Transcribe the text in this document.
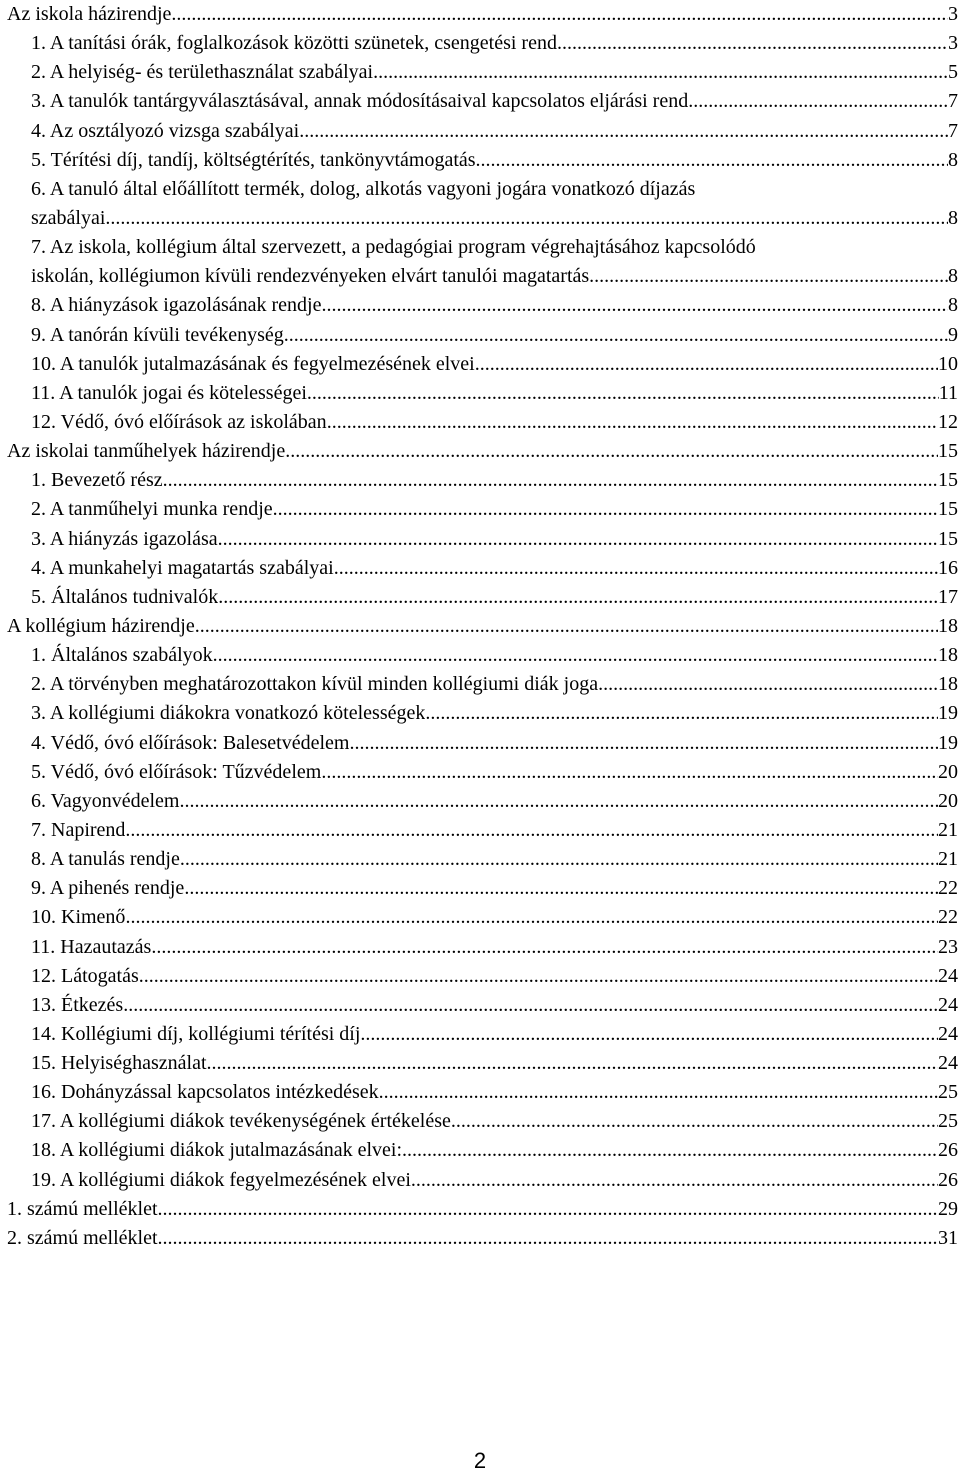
Az iskola házirendje .....	3
1. A tanítási órák, foglalkozások közötti szünetek, csengetési rend .....	3
2. A helyiség- és területhasználat szabályai .....	5
3. A tanulók tantárgyválasztásával, annak módosításaival kapcsolatos eljárási rend .....	7
4. Az osztályozó vizsga szabályai .....	7
5. Térítési díj, tandíj, költségtérítés, tankönyvtámogatás .....	8
6. A tanuló által előállított termék, dolog, alkotás vagyoni jogára vonatkozó díjazás
szabályai .....	8
7. Az iskola, kollégium által szervezett, a pedagógiai program végrehajtásához kapcsolódó
iskolán, kollégiumon kívüli rendezvényeken elvárt tanulói magatartás .....	8
8. A hiányzások igazolásának rendje .....	8
9. A tanórán kívüli tevékenység .....	9
10. A tanulók jutalmazásának és fegyelmezésének elvei .....	10
11. A tanulók jogai és kötelességei .....	11
12. Védő, óvó előírások az iskolában .....	12
Az iskolai tanműhelyek házirendje .....	15
1. Bevezető rész .....	15
2. A tanműhelyi munka rendje .....	15
3. A hiányzás igazolása .....	15
4. A munkahelyi magatartás szabályai .....	16
5. Általános tudnivalók .....	17
A kollégium házirendje .....	18
1. Általános szabályok .....	18
2. A törvényben meghatározottakon kívül minden kollégiumi diák joga .....	18
3. A kollégiumi diákokra vonatkozó kötelességek .....	19
4. Védő, óvó előírások: Balesetvédelem .....	19
5. Védő, óvó előírások: Tűzvédelem .....	20
6. Vagyonvédelem .....	20
7. Napirend .....	21
8. A tanulás rendje .....	21
9. A pihenés rendje .....	22
10. Kimenő .....	22
11. Hazautazás .....	23
12. Látogatás .....	24
13. Étkezés .....	24
14. Kollégiumi díj, kollégiumi térítési díj .....	24
15. Helyiséghasználat .....	24
16. Dohányzással kapcsolatos intézkedések .....	25
17. A kollégiumi diákok tevékenységének értékelése .....	25
18. A kollégiumi diákok jutalmazásának elvei: .....	26
19. A kollégiumi diákok fegyelmezésének elvei .....	26
1. számú melléklet .....	29
2. számú melléklet .....	31
2
